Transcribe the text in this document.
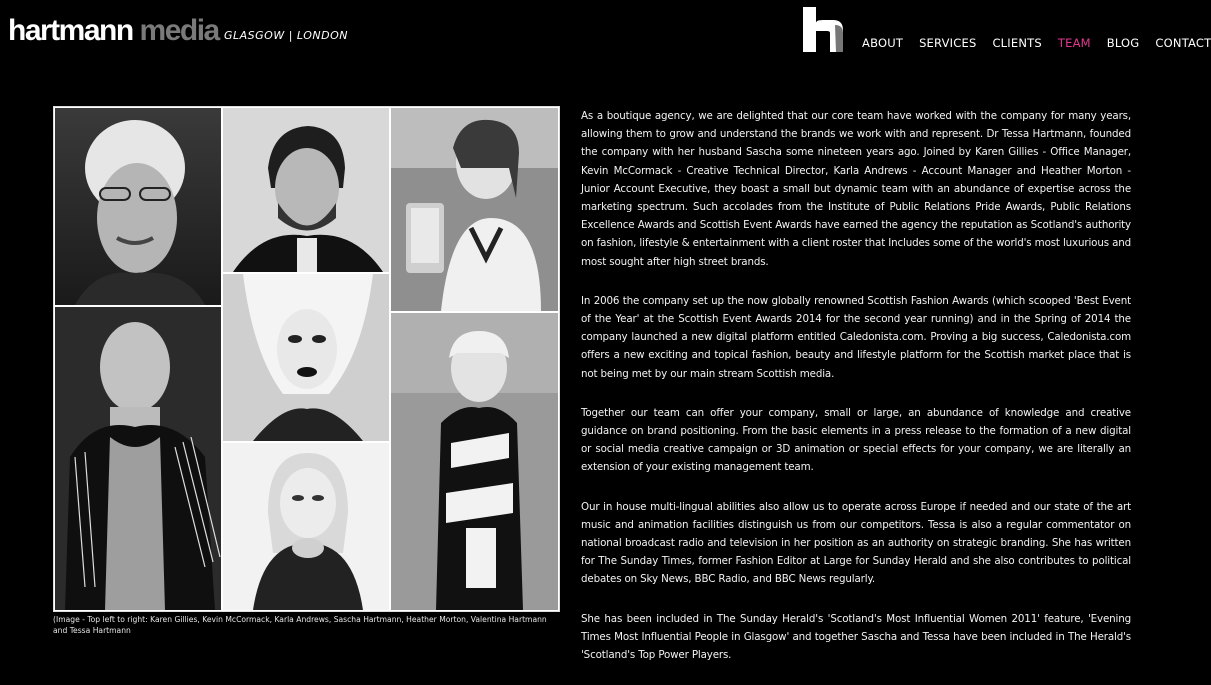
hartmann media GLASGOW | LONDON
ABOUT SERVICES CLIENTS TEAM BLOG CONTACT
(Image - Top left to right: Karen Gillies, Kevin McCormack, Karla Andrews, Sascha Hartmann, Heather Morton, Valentina Hartmann and Tessa Hartmann

As a boutique agency, we are delighted that our core team have worked with the company for many years, allowing them to grow and understand the brands we work with and represent. Dr Tessa Hartmann, founded the company with her husband Sascha some nineteen years ago. Joined by Karen Gillies - Office Manager, Kevin McCormack - Creative Technical Director, Karla Andrews - Account Manager and Heather Morton - Junior Account Executive, they boast a small but dynamic team with an abundance of expertise across the marketing spectrum. Such accolades from the Institute of Public Relations Pride Awards, Public Relations Excellence Awards and Scottish Event Awards have earned the agency the reputation as Scotland's authority on fashion, lifestyle & entertainment with a client roster that Includes some of the world's most luxurious and most sought after high street brands.

In 2006 the company set up the now globally renowned Scottish Fashion Awards (which scooped 'Best Event of the Year' at the Scottish Event Awards 2014 for the second year running) and in the Spring of 2014 the company launched a new digital platform entitled Caledonista.com. Proving a big success, Caledonista.com offers a new exciting and topical fashion, beauty and lifestyle platform for the Scottish market place that is not being met by our main stream Scottish media.

Together our team can offer your company, small or large, an abundance of knowledge and creative guidance on brand positioning. From the basic elements in a press release to the formation of a new digital or social media creative campaign or 3D animation or special effects for your company, we are literally an extension of your existing management team.

Our in house multi-lingual abilities also allow us to operate across Europe if needed and our state of the art music and animation facilities distinguish us from our competitors. Tessa is also a regular commentator on national broadcast radio and television in her position as an authority on strategic branding. She has written for The Sunday Times, former Fashion Editor at Large for Sunday Herald and she also contributes to political debates on Sky News, BBC Radio, and BBC News regularly.

She has been included in The Sunday Herald's 'Scotland's Most Influential Women 2011' feature, 'Evening Times Most Influential People in Glasgow' and together Sascha and Tessa have been included in The Herald's 'Scotland's Top Power Players.
